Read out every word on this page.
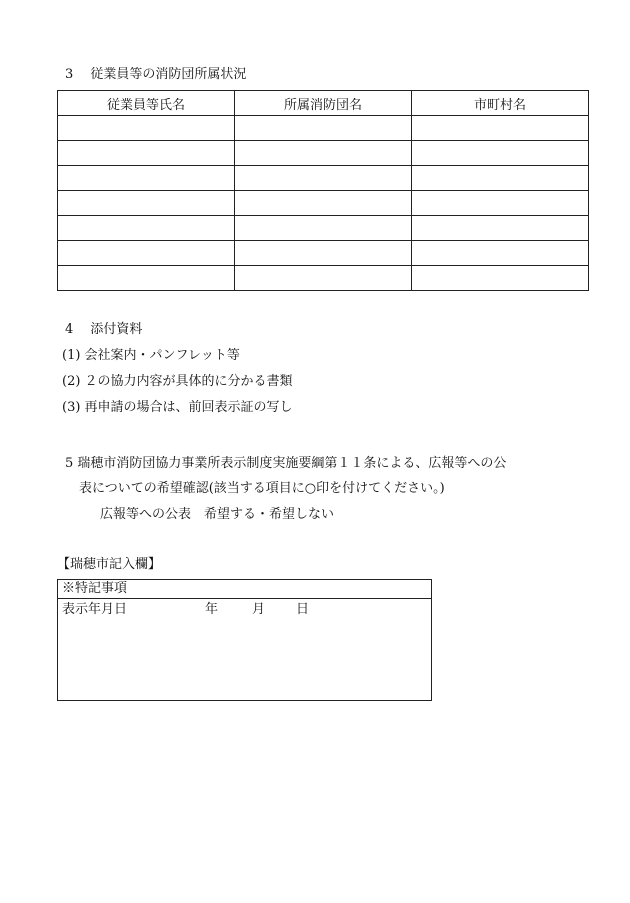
3　 従業員等の消防団所属状況
従業員等氏名	所属消防団名	市町村名

4　 添付資料
(1) 会社案内・パンフレット等
(2) ２の協力内容が具体的に分かる書類
(3) 再申請の場合は、前回表示証の写し
5 瑞穂市消防団協力事業所表示制度実施要綱第１１条による、広報等への公
表についての希望確認(該当する項目に○印を付けてください。)
広報等への公表　希望する・希望しない
【瑞穂市記入欄】
※特記事項
表示年月日	年	月 日
